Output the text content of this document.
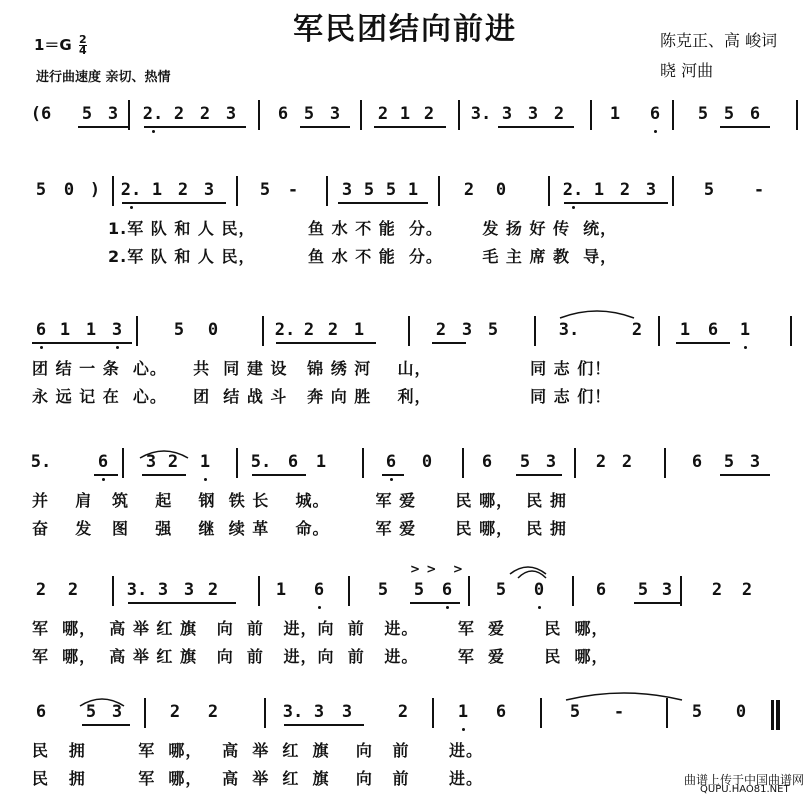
军民团结向前进
$1=G \frac{2}{4}$
进行曲速度 亲切、热情
陈克正、高 峻词
晓 河曲
(6	5 3	2. 2 2 3	6 5 3	2 1 2	3. 3 3 2	1	6	5 5 6
5	0 )	2. 1 2 3	5	-	3 5 5 1	2	0	2. 1 2 3	5	-
1.军 队 和 人 民，        鱼 水 不 能  分。      发 扬 好 传  统，
2.军 队 和 人 民，        鱼 水 不 能  分。      毛 主 席 教  导，
6 1 1 3	5	0	2. 2 2 1	2 3 5	3.	2	1	6	1
团 结 一 条  心。    共  同 建 设   锦 绣 河    山，               同 志 们！
永 远 记 在  心。    团  结 战 斗   奔 向 胜    利，               同 志 们！
5.	6	3 2	1	5. 6	1	6	0	6	5 3	2 2	6	5 3
并    肩   筑    起    钢  铁 长    城。       军 爱      民 哪，  民 拥
奋    发   图    强    继  续 革    命。       军 爱      民 哪，  民 拥
2	2	3. 3 3 2	1	6	5	5	6	5	0	6	5 3	2	2
军  哪，  高 举 红 旗   向  前   进，向  前   进。      军  爱      民  哪，
军  哪，  高 举 红 旗   向  前   进，向  前   进。      军  爱      民  哪，
> >   >
6	5 3	2	2	3. 3	3	2	1	6	5	-	5	0
民   拥        军  哪，   高  举  红  旗    向   前      进。
民   拥        军  哪，   高  举  红  旗    向   前      进。	曲谱上传于中国曲谱网
QUPU.HAO81.NET
